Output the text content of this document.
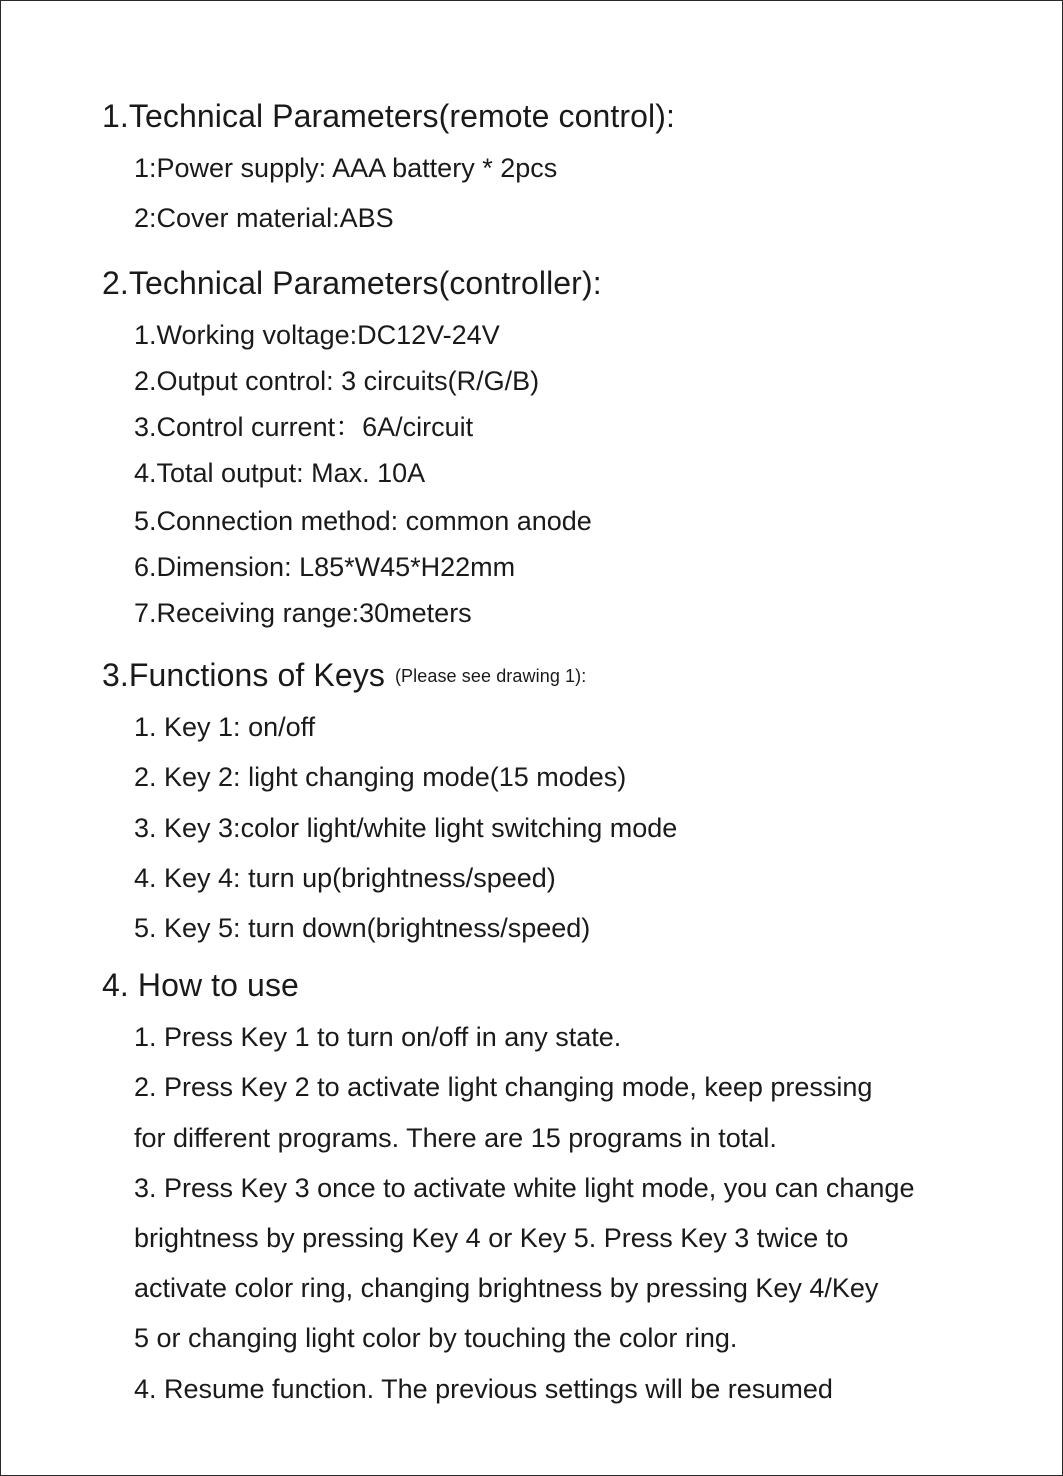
1.Technical Parameters(remote control):
1:Power supply: AAA battery * 2pcs
2:Cover material:ABS
2.Technical Parameters(controller):
1.Working voltage:DC12V-24V
2.Output control: 3 circuits(R/G/B)
3.Control current：6A/circuit
4.Total output: Max. 10A
5.Connection method: common anode
6.Dimension: L85*W45*H22mm
7.Receiving range:30meters
3.Functions of Keys (Please see drawing 1):
1. Key 1: on/off
2. Key 2: light changing mode(15 modes)
3. Key 3:color light/white light switching mode
4. Key 4: turn up(brightness/speed)
5. Key 5: turn down(brightness/speed)
4. How to use
1. Press Key 1 to turn on/off in any state.
2. Press Key 2 to activate light changing mode, keep pressing
for different programs. There are 15 programs in total.
3. Press Key 3 once to activate white light mode, you can change
brightness by pressing Key 4 or Key 5. Press Key 3 twice to
activate color ring, changing brightness by pressing Key 4/Key
5 or changing light color by touching the color ring.
4. Resume function. The previous settings will be resumed
